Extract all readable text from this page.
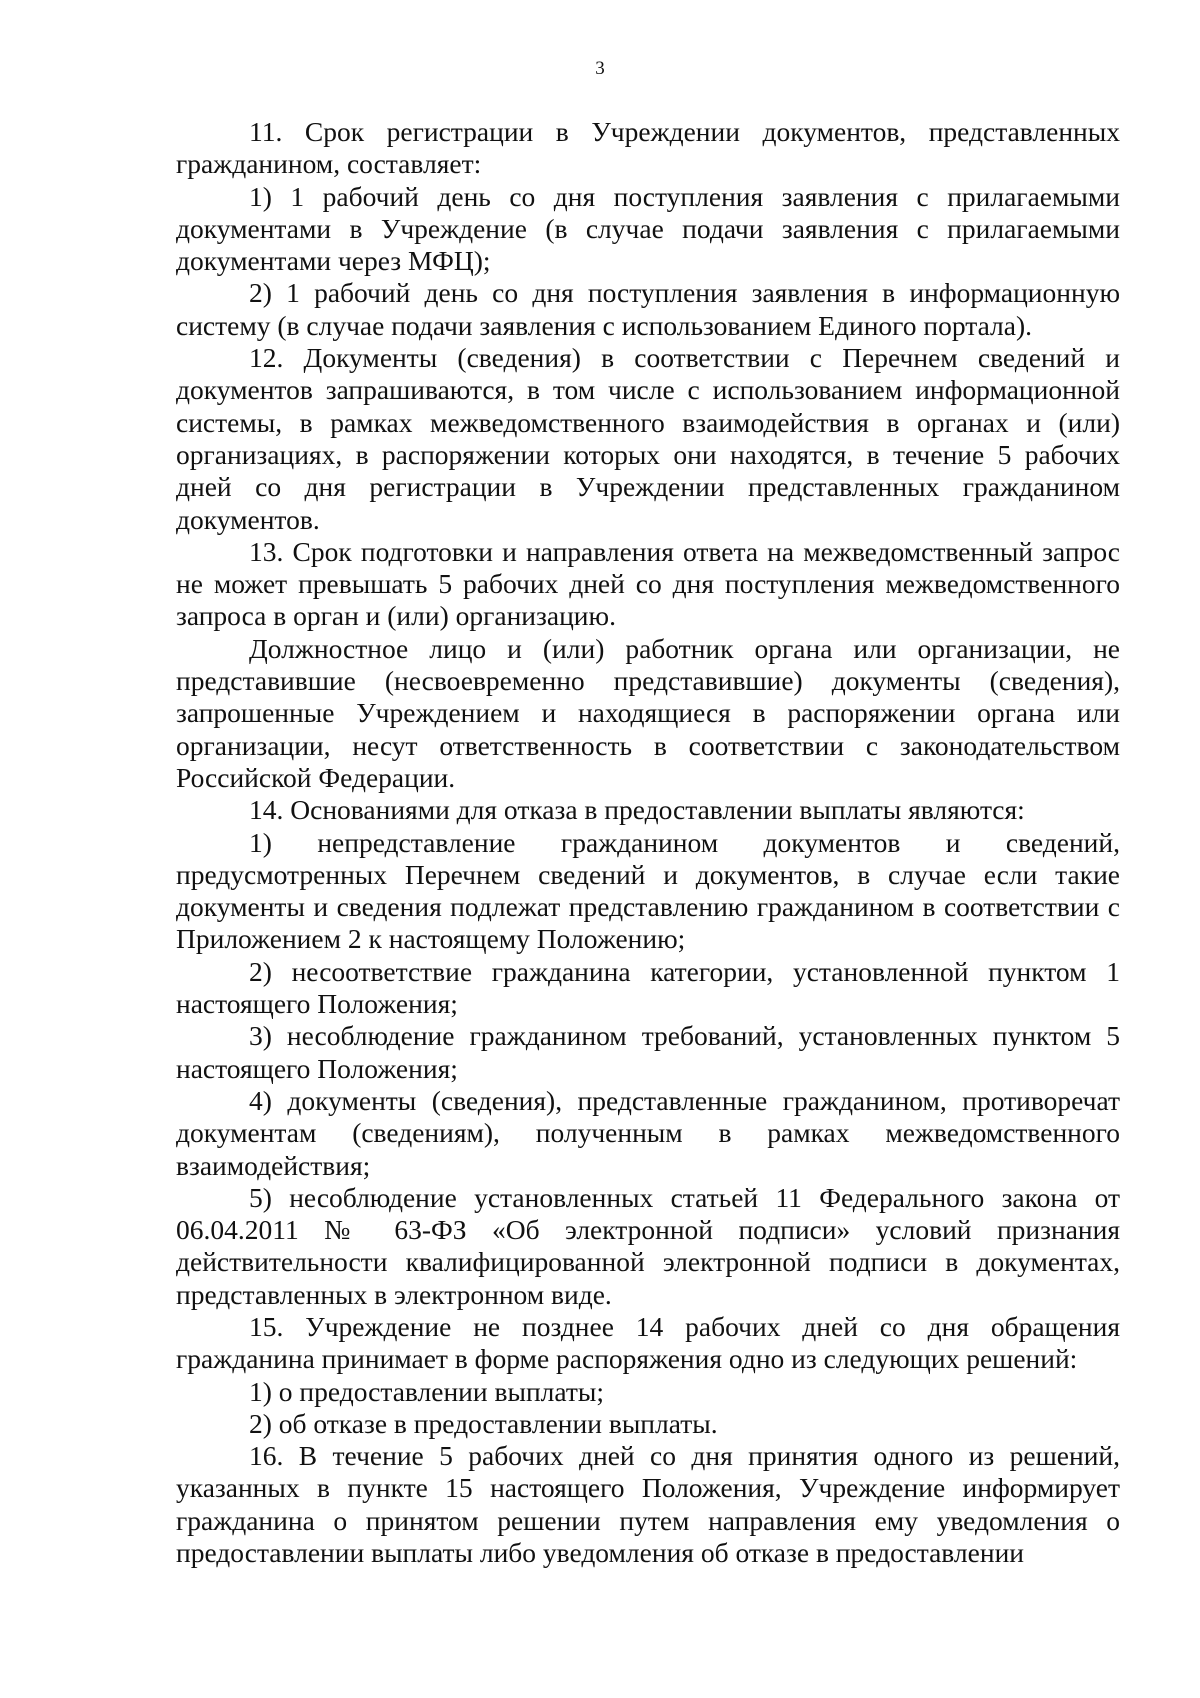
3

11. Срок регистрации в Учреждении документов, представленных гражданином, составляет:

1) 1 рабочий день со дня поступления заявления с прилагаемыми документами в Учреждение (в случае подачи заявления с прилагаемыми документами через МФЦ);

2) 1 рабочий день со дня поступления заявления в информационную систему (в случае подачи заявления с использованием Единого портала).

12. Документы (сведения) в соответствии с Перечнем сведений и документов запрашиваются, в том числе с использованием информационной системы, в рамках межведомственного взаимодействия в органах и (или) организациях, в распоряжении которых они находятся, в течение 5 рабочих дней со дня регистрации в Учреждении представленных гражданином документов.

13. Срок подготовки и направления ответа на межведомственный запрос не может превышать 5 рабочих дней со дня поступления межведомственного запроса в орган и (или) организацию.

Должностное лицо и (или) работник органа или организации, не представившие (несвоевременно представившие) документы (сведения), запрошенные Учреждением и находящиеся в распоряжении органа или организации, несут ответственность в соответствии с законодательством Российской Федерации.

14. Основаниями для отказа в предоставлении выплаты являются:

1) непредставление гражданином документов и сведений, предусмотренных Перечнем сведений и документов, в случае если такие документы и сведения подлежат представлению гражданином в соответствии с Приложением 2 к настоящему Положению;

2) несоответствие гражданина категории, установленной пунктом 1 настоящего Положения;

3) несоблюдение гражданином требований, установленных пунктом 5 настоящего Положения;

4) документы (сведения), представленные гражданином, противоречат документам (сведениям), полученным в рамках межведомственного взаимодействия;

5) несоблюдение установленных статьей 11 Федерального закона от 06.04.2011 № 63-ФЗ «Об электронной подписи» условий признания действительности квалифицированной электронной подписи в документах, представленных в электронном виде.

15. Учреждение не позднее 14 рабочих дней со дня обращения гражданина принимает в форме распоряжения одно из следующих решений:

1) о предоставлении выплаты;

2) об отказе в предоставлении выплаты.

16. В течение 5 рабочих дней со дня принятия одного из решений, указанных в пункте 15 настоящего Положения, Учреждение информирует гражданина о принятом решении путем направления ему уведомления о предоставлении выплаты либо уведомления об отказе в предоставлении
